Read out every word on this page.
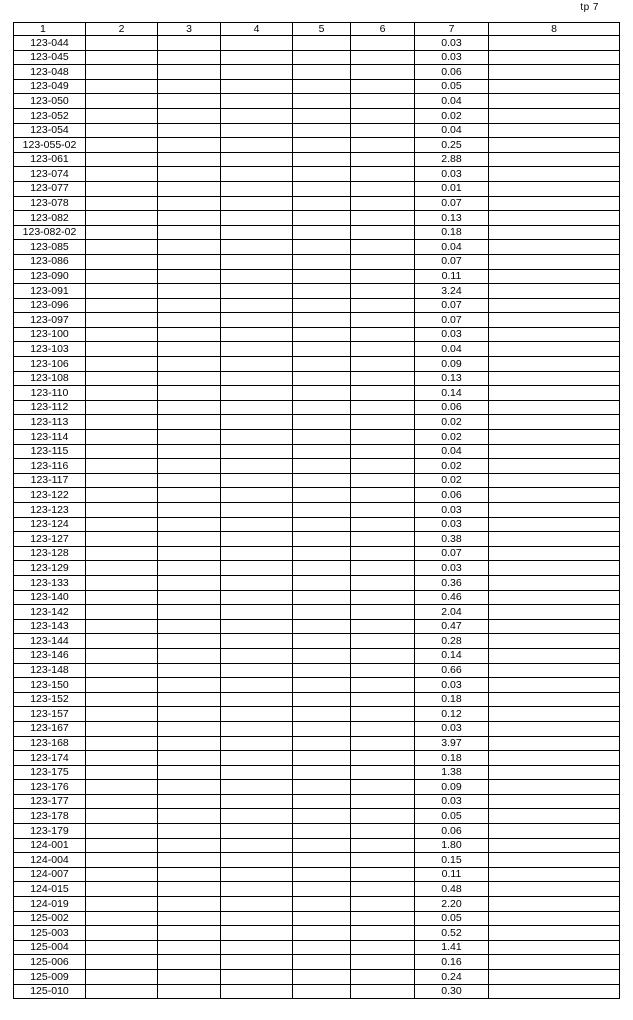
tp 7
1	2	3	4	5	6	7	8
123-044						0.03	
123-045						0.03	
123-048						0.06	
123-049						0.05	
123-050						0.04	
123-052						0.02	
123-054						0.04	
123-055-02						0.25	
123-061						2.88	
123-074						0.03	
123-077						0.01	
123-078						0.07	
123-082						0.13	
123-082-02						0.18	
123-085						0.04	
123-086						0.07	
123-090						0.11	
123-091						3.24	
123-096						0.07	
123-097						0.07	
123-100						0.03	
123-103						0.04	
123-106						0.09	
123-108						0.13	
123-110						0.14	
123-112						0.06	
123-113						0.02	
123-114						0.02	
123-115						0.04	
123-116						0.02	
123-117						0.02	
123-122						0.06	
123-123						0.03	
123-124						0.03	
123-127						0.38	
123-128						0.07	
123-129						0.03	
123-133						0.36	
123-140						0.46	
123-142						2.04	
123-143						0.47	
123-144						0.28	
123-146						0.14	
123-148						0.66	
123-150						0.03	
123-152						0.18	
123-157						0.12	
123-167						0.03	
123-168						3.97	
123-174						0.18	
123-175						1.38	
123-176						0.09	
123-177						0.03	
123-178						0.05	
123-179						0.06	
124-001						1.80	
124-004						0.15	
124-007						0.11	
124-015						0.48	
124-019						2.20	
125-002						0.05	
125-003						0.52	
125-004						1.41	
125-006						0.16	
125-009						0.24	
125-010						0.30	
